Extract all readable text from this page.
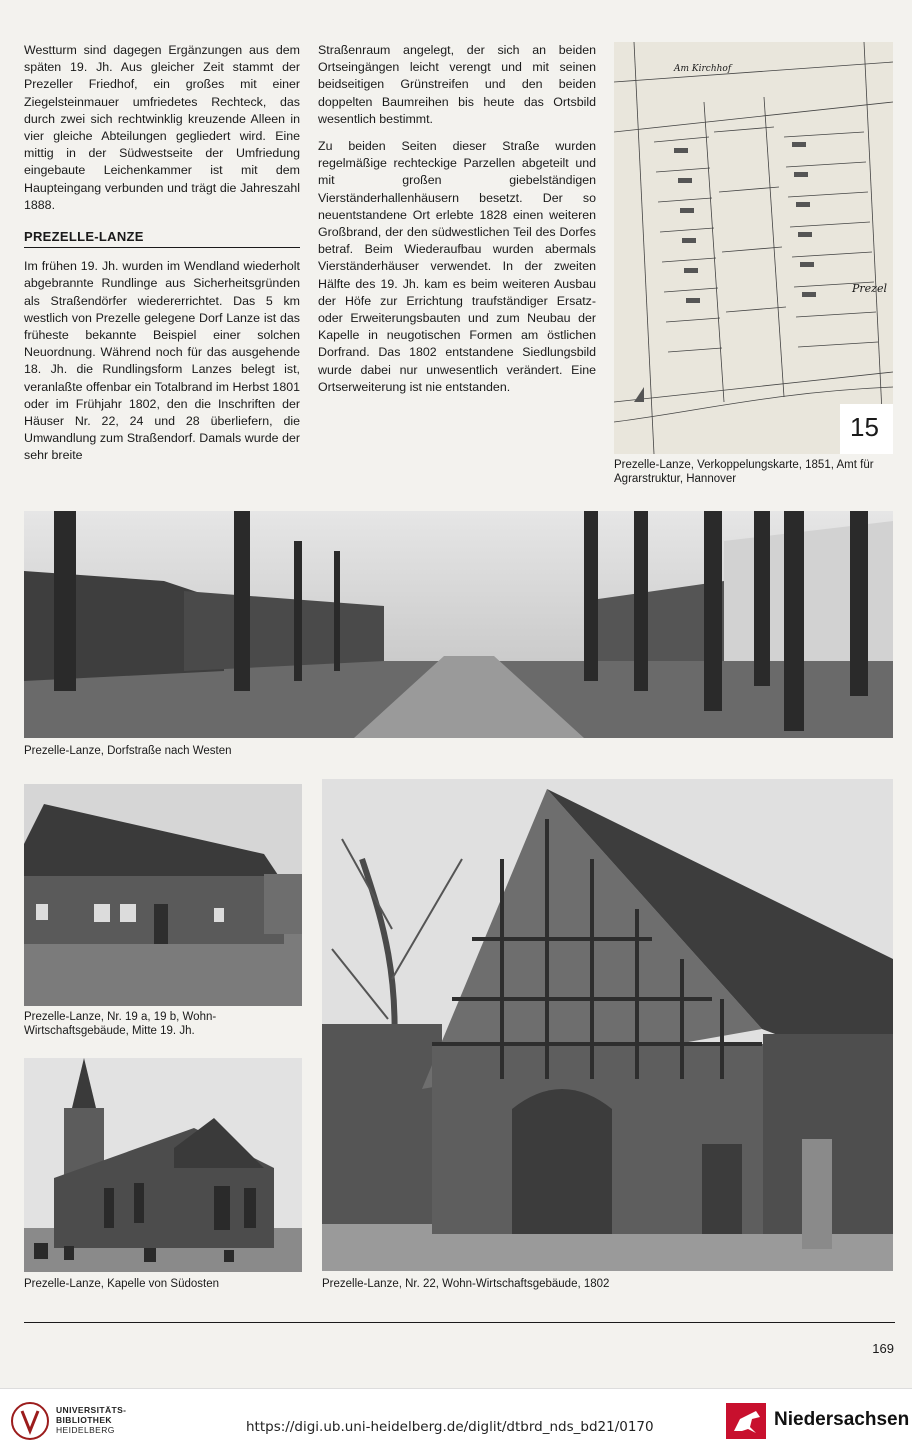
Westturm sind dagegen Ergänzungen aus dem späten 19. Jh. Aus gleicher Zeit stammt der Prezeller Friedhof, ein großes mit einer Ziegelsteinmauer umfriedetes Rechteck, das durch zwei sich rechtwinklig kreuzende Alleen in vier gleiche Abteilungen gegliedert wird. Eine mittig in der Südwestseite der Umfriedung eingebaute Leichenkammer ist mit dem Haupteingang verbunden und trägt die Jahreszahl 1888.

PREZELLE-LANZE

Im frühen 19. Jh. wurden im Wendland wiederholt abgebrannte Rundlinge aus Sicherheitsgründen als Straßendörfer wiedererrichtet. Das 5 km westlich von Prezelle gelegene Dorf Lanze ist das früheste bekannte Beispiel einer solchen Neuordnung. Während noch für das ausgehende 18. Jh. die Rundlingsform Lanzes belegt ist, veranlaßte offenbar ein Totalbrand im Herbst 1801 oder im Frühjahr 1802, den die Inschriften der Häuser Nr. 22, 24 und 28 überliefern, die Umwandlung zum Straßendorf. Damals wurde der sehr breite

Straßenraum angelegt, der sich an beiden Ortseingängen leicht verengt und mit seinen beidseitigen Grünstreifen und den beiden doppelten Baumreihen bis heute das Ortsbild wesentlich bestimmt.

Zu beiden Seiten dieser Straße wurden regelmäßige rechteckige Parzellen abgeteilt und mit großen giebelständigen Vierständerhallenhäusern besetzt. Der so neuentstandene Ort erlebte 1828 einen weiteren Großbrand, der den südwestlichen Teil des Dorfes betraf. Beim Wiederaufbau wurden abermals Vierständerhäuser verwendet. In der zweiten Hälfte des 19. Jh. kam es beim weiteren Ausbau der Höfe zur Errichtung traufständiger Ersatz- oder Erweiterungsbauten und zum Neubau der Kapelle in neugotischen Formen am östlichen Dorfrand. Das 1802 entstandene Siedlungsbild wurde dabei nur unwesentlich verändert. Eine Ortserweiterung ist nie entstanden.

Am Kirchhof
Prezel
15
Prezelle-Lanze, Verkoppelungskarte, 1851, Amt für Agrarstruktur, Hannover
Prezelle-Lanze, Dorfstraße nach Westen
Prezelle-Lanze, Nr. 19 a, 19 b, Wohn-Wirtschaftsgebäude, Mitte 19. Jh.
Prezelle-Lanze, Kapelle von Südosten	Prezelle-Lanze, Nr. 22, Wohn-Wirtschaftsgebäude, 1802
169
UNIVERSITÄTS-
BIBLIOTHEK
HEIDELBERG	https://digi.ub.uni-heidelberg.de/diglit/dtbrd_nds_bd21/0170	Niedersachsen
